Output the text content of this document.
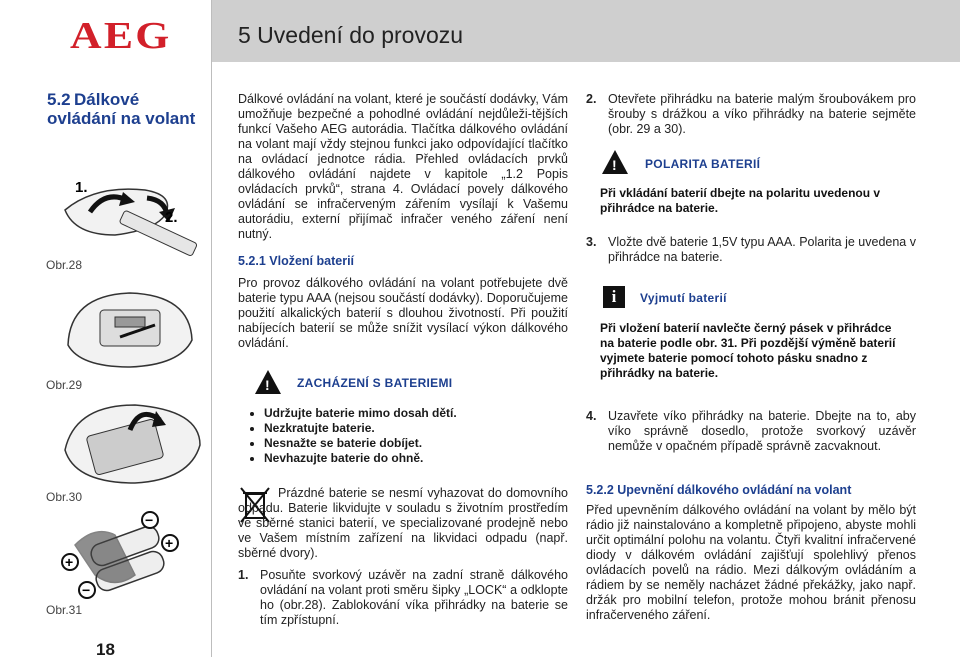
AEG	5 Uvedení do provozu
5.2 Dálkové ovládání na volant
1.
2.
Obr.28
Obr.29
Obr.30
+
−
−
+
Obr.31
18
Dálkové ovládání na volant, které je součástí dodávky, Vám umožňuje bezpečné a pohodlné ovládání nejdůleži-tějších funkcí Vašeho AEG autorádia. Tlačítka dálkového ovládání na volant mají vždy stejnou funkci jako odpovídající tlačítko na ovládací jednotce rádia. Přehled ovládacích prvků dálkového ovládání najdete v kapitole „1.2 Popis ovládacích prvků“, strana 4. Ovládací povely dálkového ovládání se infračerveným zářením vysílají k Vašemu autorádiu, externí přijímač infračer veného záření není nutný.
5.2.1 Vložení baterií
Pro provoz dálkového ovládání na volant potřebujete dvě baterie typu AAA (nejsou součástí dodávky). Doporučujeme použití alkalických baterií s dlouhou životností. Při použití nabíjecích baterií se může snížit vysílací výkon dálkového ovládání.
! ZACHÁZENÍ S BATERIEMI
• Udržujte baterie mimo dosah dětí.
• Nezkratujte baterie.
• Nesnažte se baterie dobíjet.
• Nevhazujte baterie do ohně.
Prázdné baterie se nesmí vyhazovat do domovního odpadu. Baterie likvidujte v souladu s životním prostředím ve sběrné stanici baterií, ve specializované prodejně nebo ve Vašem místním zařízení na likvidaci odpadu (např. sběrné dvory).
1. Posuňte svorkový uzávěr na zadní straně dálkového ovládání na volant proti směru šipky „LOCK“ a odklopte ho (obr.28). Zablokování víka přihrádky na baterie se tím zpřístupní.
2. Otevřete přihrádku na baterie malým šroubovákem pro šrouby s drážkou a víko přihrádky na baterie sejměte (obr. 29 a 30).
! POLARITA BATERIÍ
Při vkládání baterií dbejte na polaritu uvedenou v přihrádce na baterie.
3. Vložte dvě baterie 1,5V typu AAA. Polarita je uvedena v přihrádce na baterie.
i	Vyjmutí baterií
Při vložení baterií navlečte černý pásek v přihrádce na baterie podle obr. 31. Při pozdější výměně baterií vyjmete baterie pomocí tohoto pásku snadno z přihrádky na baterie.
4. Uzavřete víko přihrádky na baterie. Dbejte na to, aby víko správně dosedlo, protože svorkový uzávěr nemůže v opačném případě správně zacvaknout.
5.2.2 Upevnění dálkového ovládání na volant
Před upevněním dálkového ovládání na volant by mělo být rádio již nainstalováno a kompletně připojeno, abyste mohli určit optimální polohu na volantu. Čtyři kvalitní infračervené diody v dálkovém ovládání zajišťují spolehlivý přenos ovládacích povelů na rádio. Mezi dálkovým ovládáním a rádiem by se neměly nacházet žádné překážky, jako např. držák pro mobilní telefon, protože mohou bránit přenosu infračerveného záření.
